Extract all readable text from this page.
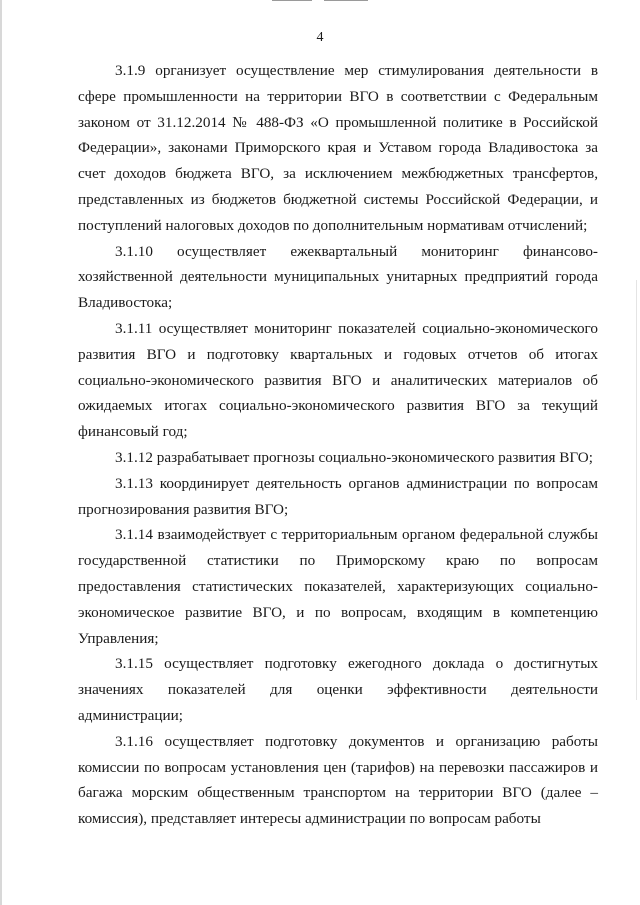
4

3.1.9 организует осуществление мер стимулирования деятельности в сфере промышленности на территории ВГО в соответствии с Федеральным законом от 31.12.2014 № 488-ФЗ «О промышленной политике в Российской Федерации», законами Приморского края и Уставом города Владивостока за счет доходов бюджета ВГО, за исключением межбюджетных трансфертов, представленных из бюджетов бюджетной системы Российской Федерации, и поступлений налоговых доходов по дополнительным нормативам отчислений;

3.1.10 осуществляет ежеквартальный мониторинг финансово-хозяйственной деятельности муниципальных унитарных предприятий города Владивостока;

3.1.11 осуществляет мониторинг показателей социально-экономического развития ВГО и подготовку квартальных и годовых отчетов об итогах социально-экономического развития ВГО и аналитических материалов об ожидаемых итогах социально-экономического развития ВГО за текущий финансовый год;

3.1.12 разрабатывает прогнозы социально-экономического развития ВГО;

3.1.13 координирует деятельность органов администрации по вопросам прогнозирования развития ВГО;

3.1.14 взаимодействует с территориальным органом федеральной службы государственной статистики по Приморскому краю по вопросам предоставления статистических показателей, характеризующих социально-экономическое развитие ВГО, и по вопросам, входящим в компетенцию Управления;

3.1.15 осуществляет подготовку ежегодного доклада о достигнутых значениях показателей для оценки эффективности деятельности администрации;

3.1.16 осуществляет подготовку документов и организацию работы комиссии по вопросам установления цен (тарифов) на перевозки пассажиров и багажа морским общественным транспортом на территории ВГО (далее – комиссия), представляет интересы администрации по вопросам работы
